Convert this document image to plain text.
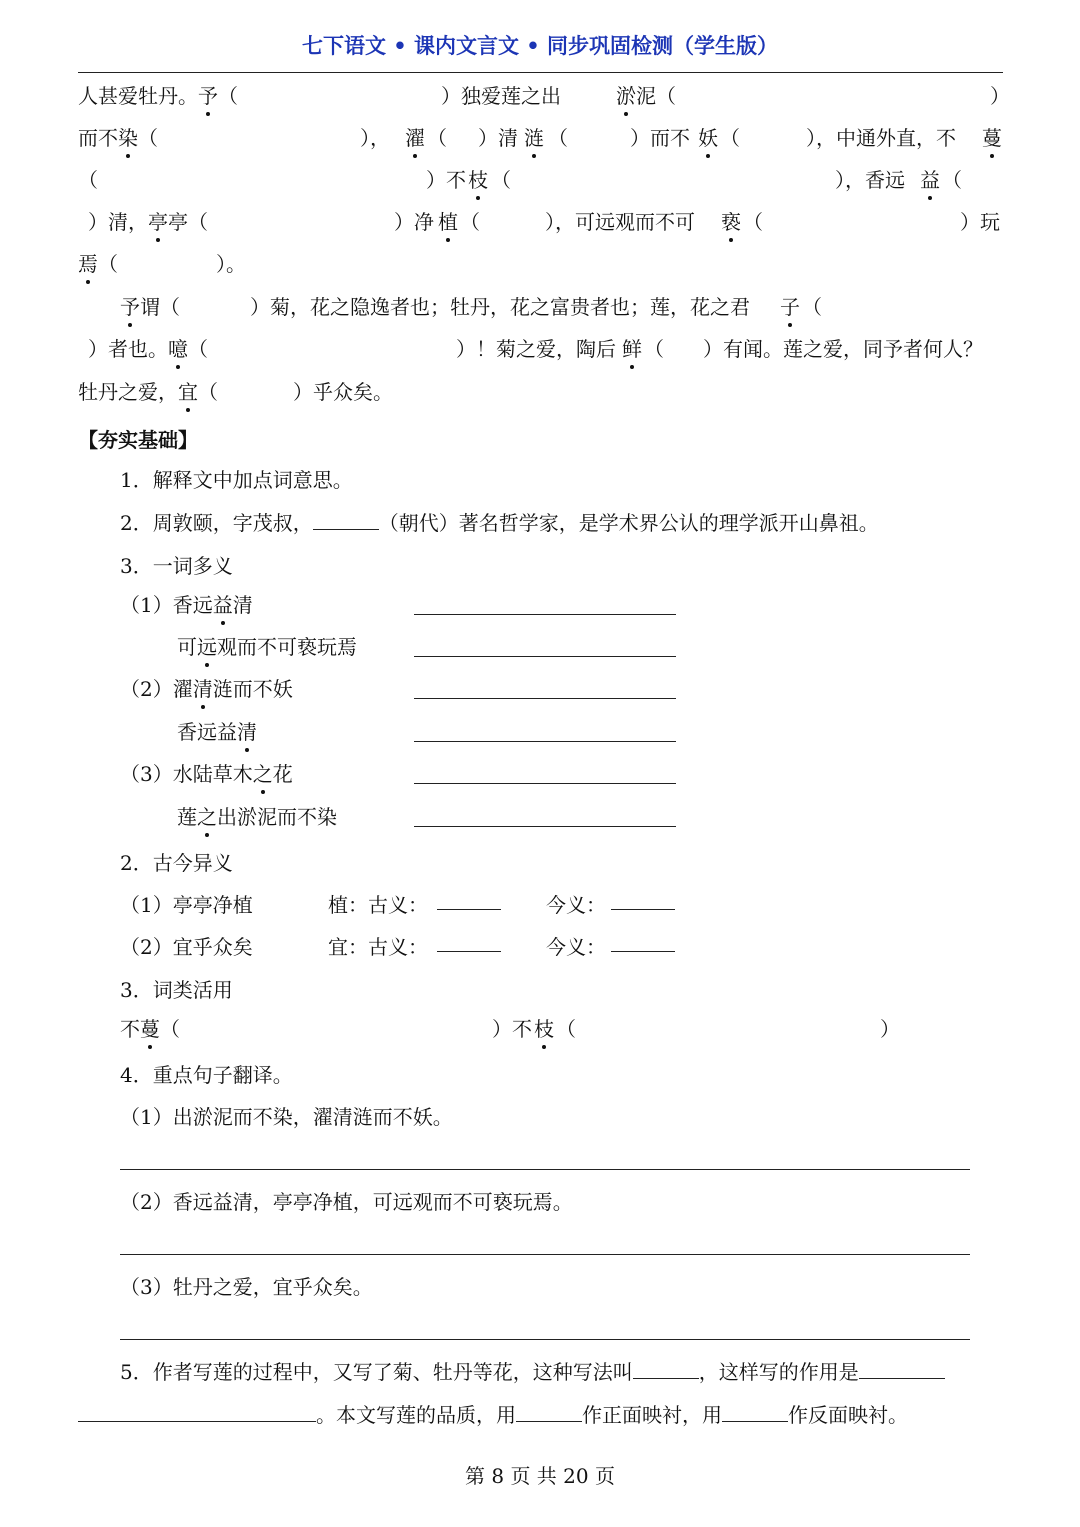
七下语文 • 课内文言文 • 同步巩固检测（学生版）
人甚爱牡丹。予（	）独爱莲之出	淤泥（	）
而不染（	）， 濯 （ ）清 涟 （	）而不 妖 （	），中通外直，不 蔓
（	）不 枝 （	），香远 益 （
）清，亭亭（	）净 植 （	），可远观而不可 亵 （	）玩
焉（	）。
予谓（	）菊，花之隐逸者也；牡丹，花之富贵者也；莲，花之君 子 （
）者也。噫（	）！菊之爱，陶后 鲜 （ ）有闻。莲之爱，同予者何人？
牡丹之爱，宜（	）乎众矣。
【夯实基础】
1．解释文中加点词意思。
2．周敦颐，字茂叔，	（朝代）著名哲学家，是学术界公认的理学派开山鼻祖。
3．一词多义
（1）香远益清
可远观而不可亵玩焉
（2）濯清涟而不妖
香远益清
（3）水陆草木之花
莲之出淤泥而不染
2．古今异义
（1）亭亭净植	植：古义：	今义：
（2）宜乎众矣	宜：古义：	今义：
3．词类活用
不蔓（	）不 枝 （	）
4．重点句子翻译。
（1）出淤泥而不染，濯清涟而不妖。
（2）香远益清，亭亭净植，可远观而不可亵玩焉。
（3）牡丹之爱，宜乎众矣。
5．作者写莲的过程中，又写了菊、牡丹等花，这种写法叫	，这样写的作用是
。本文写莲的品质，用	作正面映衬，用	作反面映衬。
第 8 页 共 20 页
